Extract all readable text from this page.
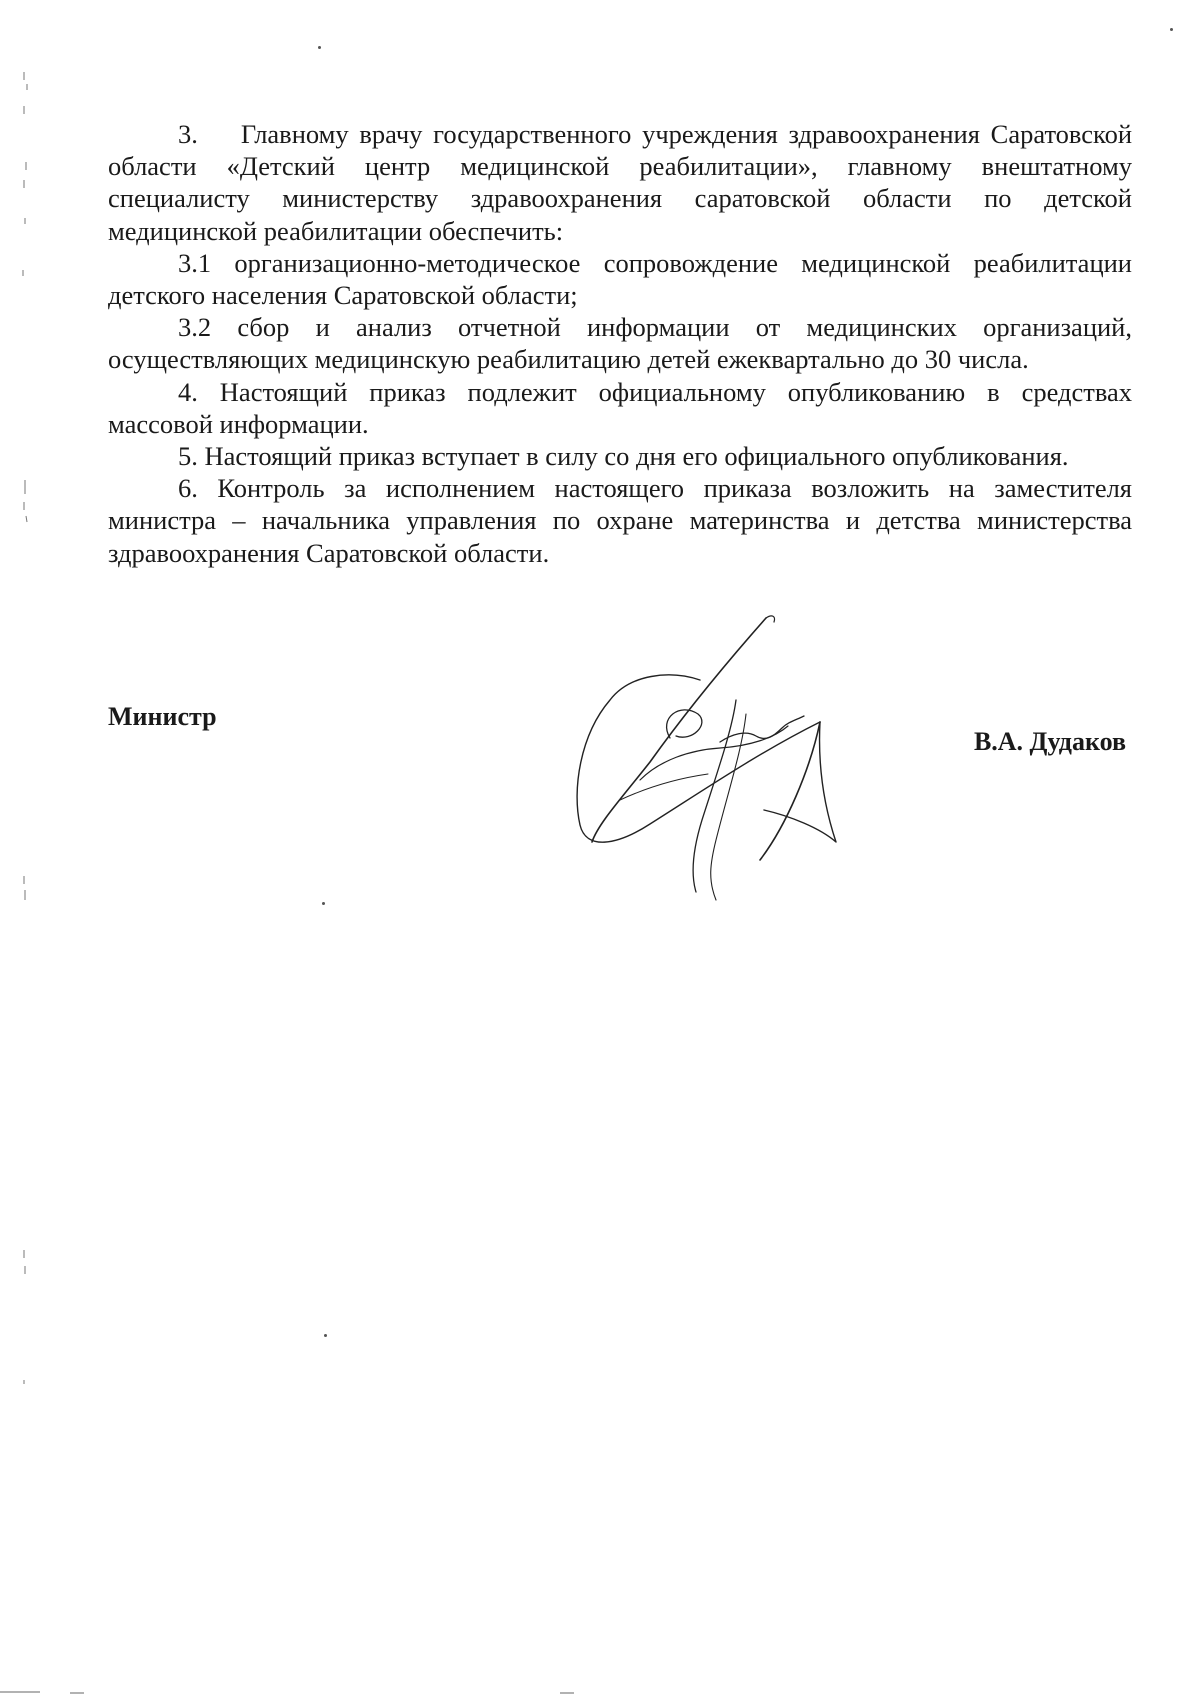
3.    Главному врачу государственного учреждения здравоохранения Саратовской области «Детский центр медицинской реабилитации», главному внештатному специалисту министерству здравоохранения саратовской области по детской медицинской реабилитации обеспечить:

3.1 организационно-методическое сопровождение медицинской реабилитации детского населения Саратовской области;

3.2 сбор и анализ отчетной информации от медицинских организаций, осуществляющих медицинскую реабилитацию детей ежеквартально до 30 числа.

4. Настоящий приказ подлежит официальному опубликованию в средствах массовой информации.

5. Настоящий приказ вступает в силу со дня его официального опубликования.

6. Контроль за исполнением настоящего приказа возложить на заместителя министра – начальника управления по охране материнства и детства министерства здравоохранения Саратовской области.

Министр
В.А. Дудаков
